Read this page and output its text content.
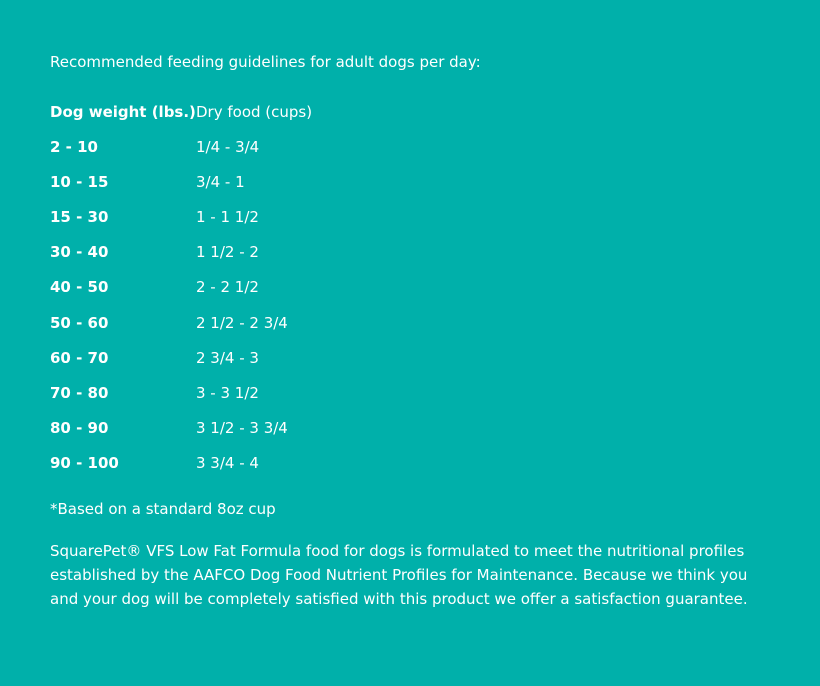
Recommended feeding guidelines for adult dogs per day:

Dog weight (lbs.)	Dry food (cups)
2 - 10	1/4 - 3/4
10 - 15	3/4 - 1
15 - 30	1 - 1 1/2
30 - 40	1 1/2 - 2
40 - 50	2 - 2 1/2
50 - 60	2 1/2 - 2 3/4
60 - 70	2 3/4 - 3
70 - 80	3 - 3 1/2
80 - 90	3 1/2 - 3 3/4
90 - 100	3 3/4 - 4

*Based on a standard 8oz cup

SquarePet® VFS Low Fat Formula food for dogs is formulated to meet the nutritional profiles established by the AAFCO Dog Food Nutrient Profiles for Maintenance. Because we think you and your dog will be completely satisfied with this product we offer a satisfaction guarantee.
